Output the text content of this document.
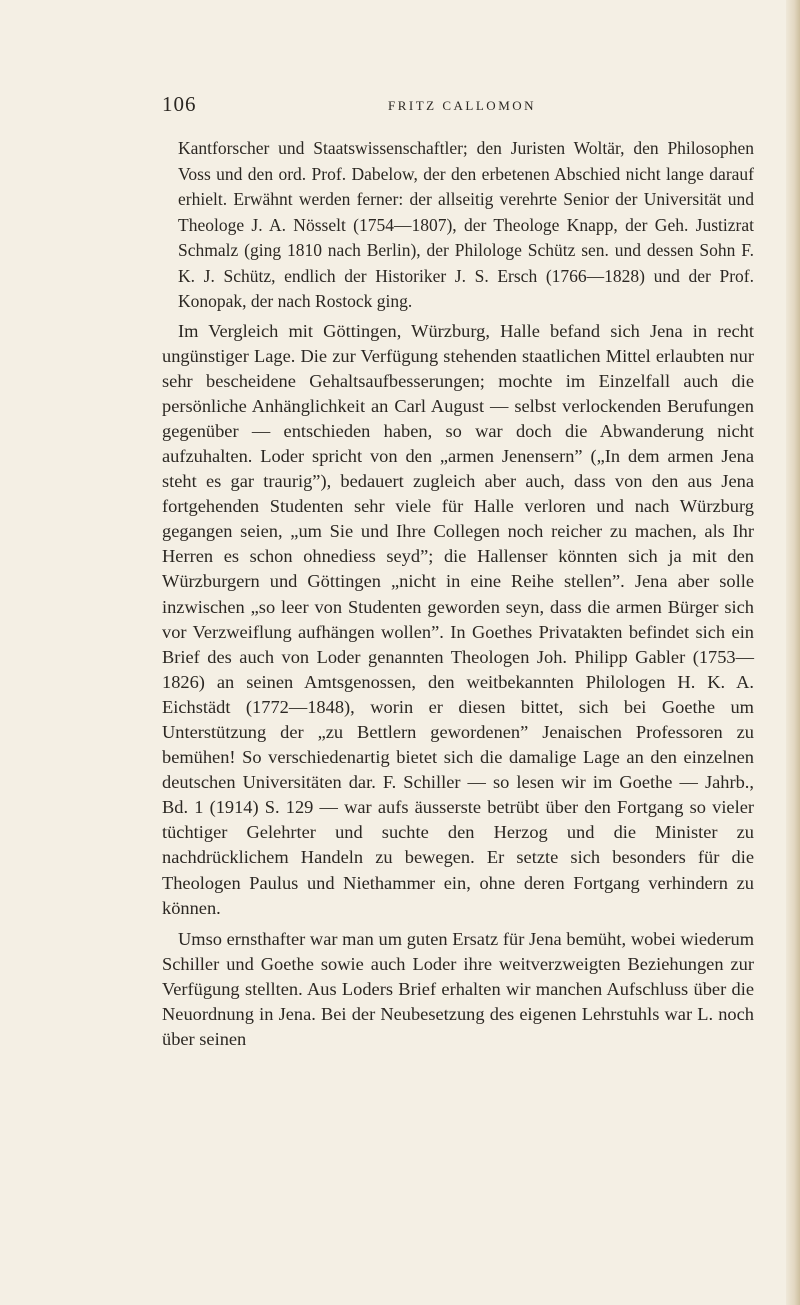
106	FRITZ CALLOMON

Kantforscher und Staatswissenschaftler; den Juristen Woltär, den Philosophen Voss und den ord. Prof. Dabelow, der den erbetenen Abschied nicht lange darauf erhielt. Erwähnt werden ferner: der allseitig verehrte Senior der Universität und Theologe J. A. Nösselt (1754—1807), der Theologe Knapp, der Geh. Justizrat Schmalz (ging 1810 nach Berlin), der Philologe Schütz sen. und dessen Sohn F. K. J. Schütz, endlich der Historiker J. S. Ersch (1766—1828) und der Prof. Konopak, der nach Rostock ging.

Im Vergleich mit Göttingen, Würzburg, Halle befand sich Jena in recht ungünstiger Lage. Die zur Verfügung stehenden staatlichen Mittel erlaubten nur sehr bescheidene Gehaltsaufbesserungen; mochte im Einzelfall auch die persönliche Anhänglichkeit an Carl August — selbst verlockenden Berufungen gegenüber — entschieden haben, so war doch die Abwanderung nicht aufzuhalten. Loder spricht von den „armen Jenensern” („In dem armen Jena steht es gar traurig”), bedauert zugleich aber auch, dass von den aus Jena fortgehenden Studenten sehr viele für Halle verloren und nach Würzburg gegangen seien, „um Sie und Ihre Collegen noch reicher zu machen, als Ihr Herren es schon ohnediess seyd”; die Hallenser könnten sich ja mit den Würzburgern und Göttingen „nicht in eine Reihe stellen”. Jena aber solle inzwischen „so leer von Studenten geworden seyn, dass die armen Bürger sich vor Verzweiflung aufhängen wollen”. In Goethes Privatakten befindet sich ein Brief des auch von Loder genannten Theologen Joh. Philipp Gabler (1753—1826) an seinen Amtsgenossen, den weitbekannten Philologen H. K. A. Eichstädt (1772—1848), worin er diesen bittet, sich bei Goethe um Unterstützung der „zu Bettlern gewordenen” Jenaischen Professoren zu bemühen! So verschiedenartig bietet sich die damalige Lage an den einzelnen deutschen Universitäten dar. F. Schiller — so lesen wir im Goethe — Jahrb., Bd. 1 (1914) S. 129 — war aufs äusserste betrübt über den Fortgang so vieler tüchtiger Gelehrter und suchte den Herzog und die Minister zu nachdrücklichem Handeln zu bewegen. Er setzte sich besonders für die Theologen Paulus und Niethammer ein, ohne deren Fortgang verhindern zu können.

Umso ernsthafter war man um guten Ersatz für Jena bemüht, wobei wiederum Schiller und Goethe sowie auch Loder ihre weitverzweigten Beziehungen zur Verfügung stellten. Aus Loders Brief erhalten wir manchen Aufschluss über die Neuordnung in Jena. Bei der Neubesetzung des eigenen Lehrstuhls war L. noch über seinen
